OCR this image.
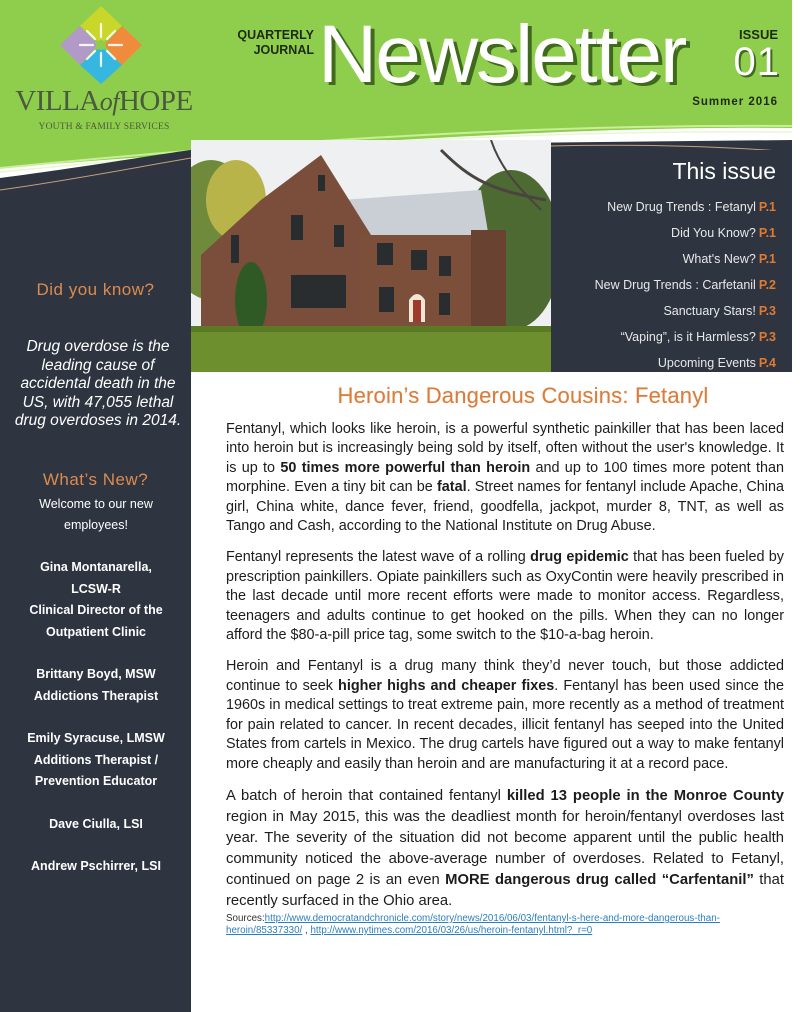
VILLAofHOPE
YOUTH & FAMILY SERVICES
QUARTERLY
JOURNAL Newsletter	ISSUE
01
Summer 2016
This issue
New Drug Trends : Fetanyl P.1
Did You Know? P.1
What's New? P.1
New Drug Trends : Carfetanil P.2
Sanctuary Stars! P.3
“Vaping”, is it Harmless? P.3
Upcoming Events P.4
Did you know?
Drug overdose is the leading cause of accidental death in the US, with 47,055 lethal drug overdoses in 2014.
What’s New?
Welcome to our new employees!
Gina Montanarella,
LCSW-R
Clinical Director of the
Outpatient Clinic
Brittany Boyd, MSW
Addictions Therapist
Emily Syracuse, LMSW
Additions Therapist /
Prevention Educator
Dave Ciulla, LSI
Andrew Pschirrer, LSI
Heroin’s Dangerous Cousins: Fetanyl

Fentanyl, which looks like heroin, is a powerful synthetic painkiller that has been laced into heroin but is increasingly being sold by itself, often without the user's knowledge. It is up to 50 times more powerful than heroin and up to 100 times more potent than morphine. Even a tiny bit can be fatal. Street names for fentanyl include Apache, China girl, China white, dance fever, friend, goodfella, jackpot, murder 8, TNT, as well as Tango and Cash, according to the National Institute on Drug Abuse.

Fentanyl represents the latest wave of a rolling drug epidemic that has been fueled by prescription painkillers. Opiate painkillers such as OxyContin were heavily prescribed in the last decade until more recent efforts were made to monitor access. Regardless, teenagers and adults continue to get hooked on the pills. When they can no longer afford the $80-a-pill price tag, some switch to the $10-a-bag heroin.

Heroin and Fentanyl is a drug many think they’d never touch, but those addicted continue to seek higher highs and cheaper fixes. Fentanyl has been used since the 1960s in medical settings to treat extreme pain, more recently as a method of treatment for pain related to cancer. In recent decades, illicit fentanyl has seeped into the United States from cartels in Mexico. The drug cartels have figured out a way to make fentanyl more cheaply and easily than heroin and are manufacturing it at a record pace.

A batch of heroin that contained fentanyl killed 13 people in the Monroe County region in May 2015, this was the deadliest month for heroin/fentanyl overdoses last year. The severity of the situation did not become apparent until the public health community noticed the above-average number of overdoses. Related to Fetanyl, continued on page 2 is an even MORE dangerous drug called “Carfentanil” that recently surfaced in the Ohio area.

Sources:http://www.democratandchronicle.com/story/news/2016/06/03/fentanyl-s-here-and-more-dangerous-than-heroin/85337330/ , http://www.nytimes.com/2016/03/26/us/heroin-fentanyl.html?_r=0
